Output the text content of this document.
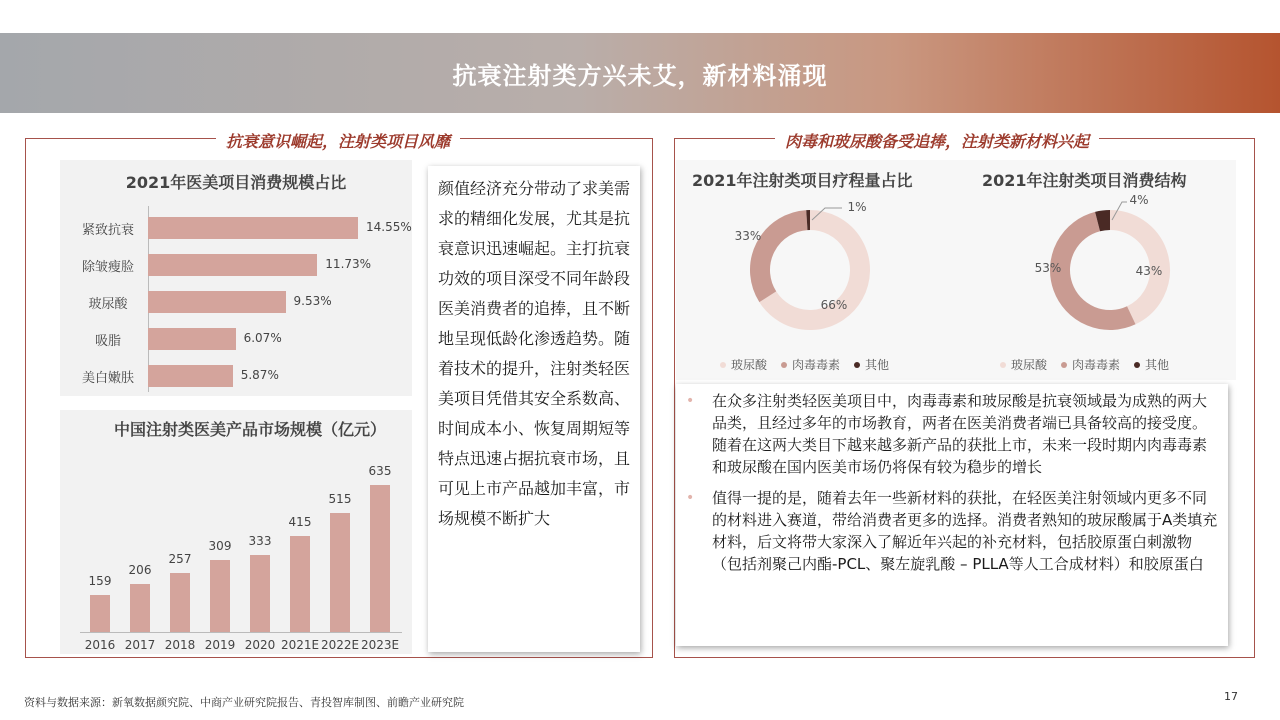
抗衰注射类方兴未艾，新材料涌现
抗衰意识崛起，注射类项目风靡	肉毒和玻尿酸备受追捧，注射类新材料兴起
2021年医美项目消费规模占比
紧致抗衰	14.55%
除皱瘦脸	11.73%
玻尿酸	9.53%
吸脂	6.07%
美白嫩肤	5.87%
中国注射类医美产品市场规模（亿元）
159
2016
206
2017
257
2018
309
2019
333
2020
415
2021E
515
2022E
635
2023E

颜值经济充分带动了求美需求的精细化发展，尤其是抗衰意识迅速崛起。主打抗衰功效的项目深受不同年龄段医美消费者的追捧，且不断地呈现低龄化渗透趋势。随着技术的提升，注射类轻医美项目凭借其安全系数高、时间成本小、恢复周期短等特点迅速占据抗衰市场，且可见上市产品越加丰富，市场规模不断扩大

2021年注射类项目疗程量占比	2021年注射类项目消费结构
66%
33%
1%
43%
53%
4%
玻尿酸 肉毒毒素 其他	玻尿酸 肉毒毒素 其他
•	在众多注射类轻医美项目中，肉毒毒素和玻尿酸是抗衰领域最为成熟的两大品类，且经过多年的市场教育，两者在医美消费者端已具备较高的接受度。随着在这两大类目下越来越多新产品的获批上市，未来一段时期内肉毒毒素和玻尿酸在国内医美市场仍将保有较为稳步的增长
•	值得一提的是，随着去年一些新材料的获批，在轻医美注射领域内更多不同的材料进入赛道，带给消费者更多的选择。消费者熟知的玻尿酸属于A类填充材料，后文将带大家深入了解近年兴起的补充材料，包括胶原蛋白刺激物（包括剂聚己内酯-PCL、聚左旋乳酸 – PLLA等人工合成材料）和胶原蛋白
资料与数据来源：新氧数据颜究院、中商产业研究院报告、青投智库制图、前瞻产业研究院	17
